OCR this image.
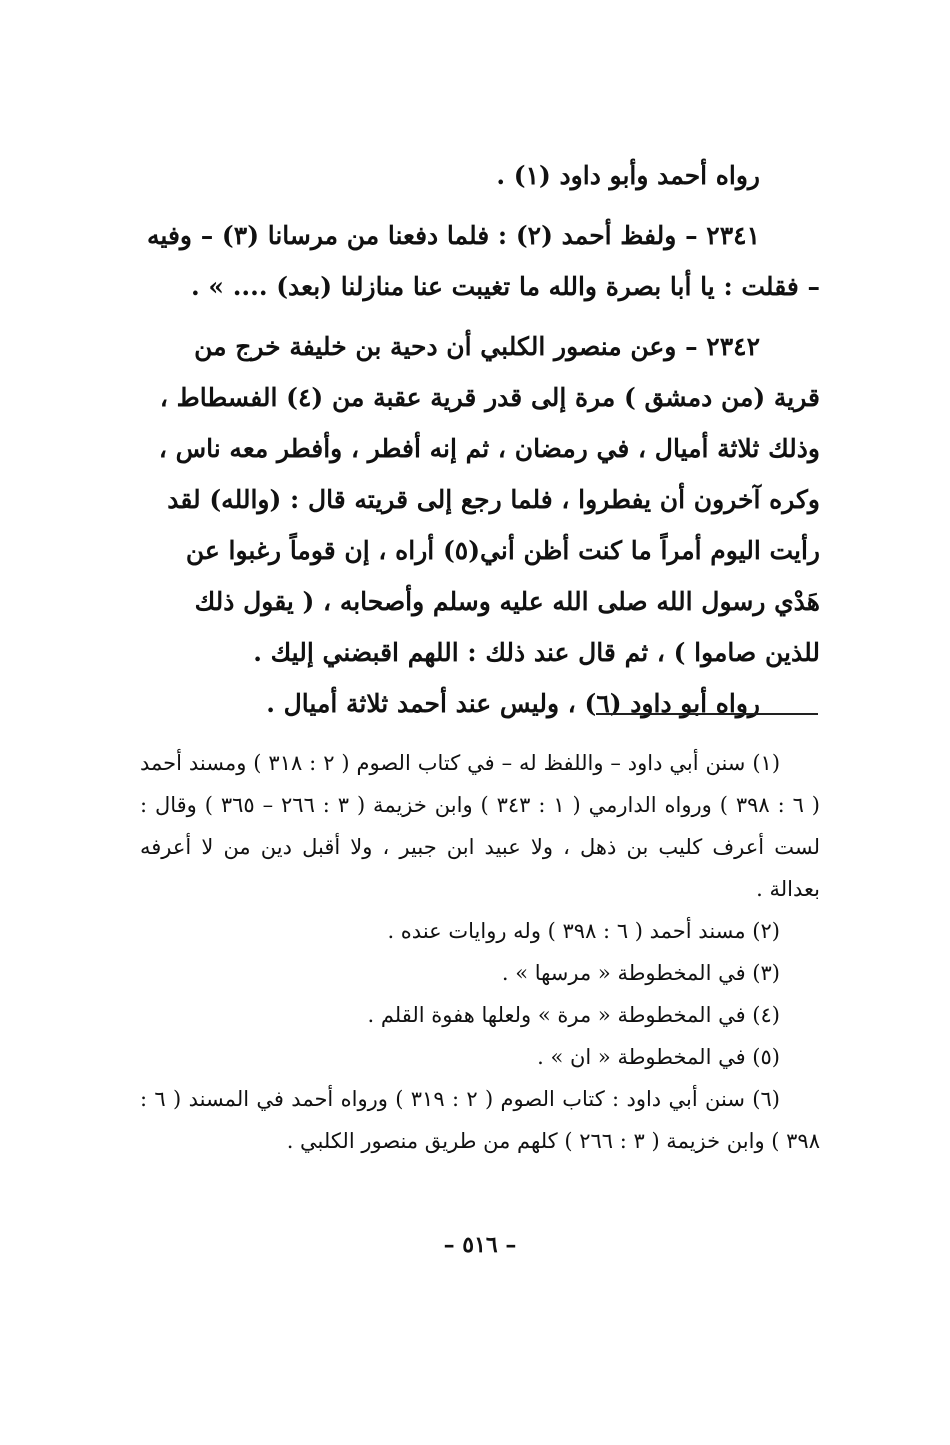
رواه أحمد وأبو داود (١) .

٢٣٤١ – ولفظ أحمد (٢) : فلما دفعنا من مرسانا (٣) – وفيه – فقلت : يا أبا بصرة والله ما تغيبت عنا منازلنا (بعد) .... » .

٢٣٤٢ – وعن منصور الكلبي أن دحية بن خليفة خرج من قرية (من دمشق ) مرة إلى قدر قرية عقبة من (٤) الفسطاط ، وذلك ثلاثة أميال ، في رمضان ، ثم إنه أفطر ، وأفطر معه ناس ، وكره آخرون أن يفطروا ، فلما رجع إلى قريته قال : (والله) لقد رأيت اليوم أمراً ما كنت أظن أني(٥) أراه ، إن قوماً رغبوا عن هَدْي رسول الله صلى الله عليه وسلم وأصحابه ، ( يقول ذلك للذين صاموا ) ، ثم قال عند ذلك : اللهم اقبضني إليك .

رواه أبو داود (٦) ، وليس عند أحمد ثلاثة أميال .

(١) سنن أبي داود – واللفظ له – في كتاب الصوم ( ٢ : ٣١٨ ) ومسند أحمد ( ٦ : ٣٩٨ ) ورواه الدارمي ( ١ : ٣٤٣ ) وابن خزيمة ( ٣ : ٢٦٦ – ٣٦٥ ) وقال : لست أعرف كليب بن ذهل ، ولا عبيد ابن جبير ، ولا أقبل دين من لا أعرفه بعدالة .

(٢) مسند أحمد ( ٦ : ٣٩٨ ) وله روايات عنده .

(٣) في المخطوطة « مرسها » .

(٤) في المخطوطة « مرة » ولعلها هفوة القلم .

(٥) في المخطوطة « ان » .

(٦) سنن أبي داود : كتاب الصوم ( ٢ : ٣١٩ ) ورواه أحمد في المسند ( ٦ : ٣٩٨ ) وابن خزيمة ( ٣ : ٢٦٦ ) كلهم من طريق منصور الكلبي .

– ٥١٦ –
